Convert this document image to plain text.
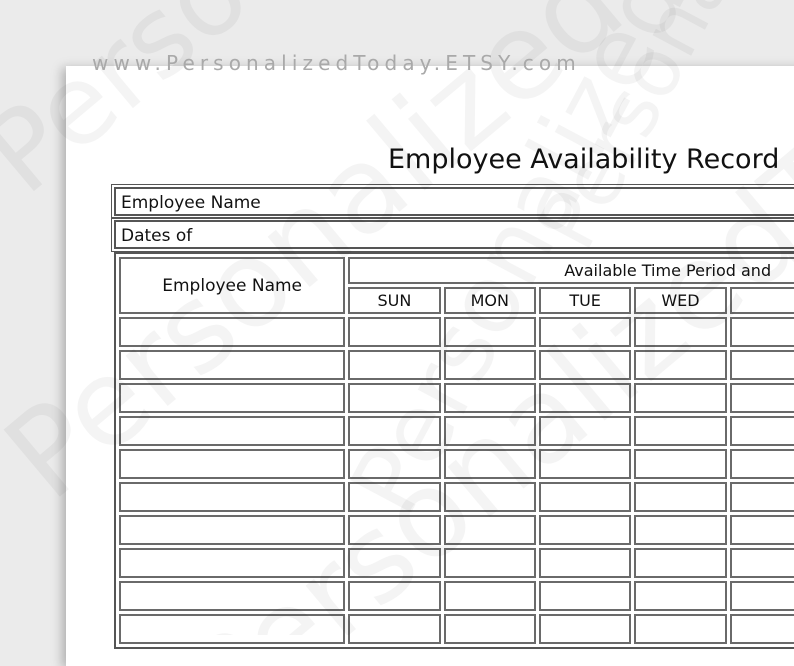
Employee Availability Record
Employee Name
Dates of
Employee Name	Available Time Period and				
	SUN	MON	TUE	WED	

www.PersonalizedToday.ETSY.com
